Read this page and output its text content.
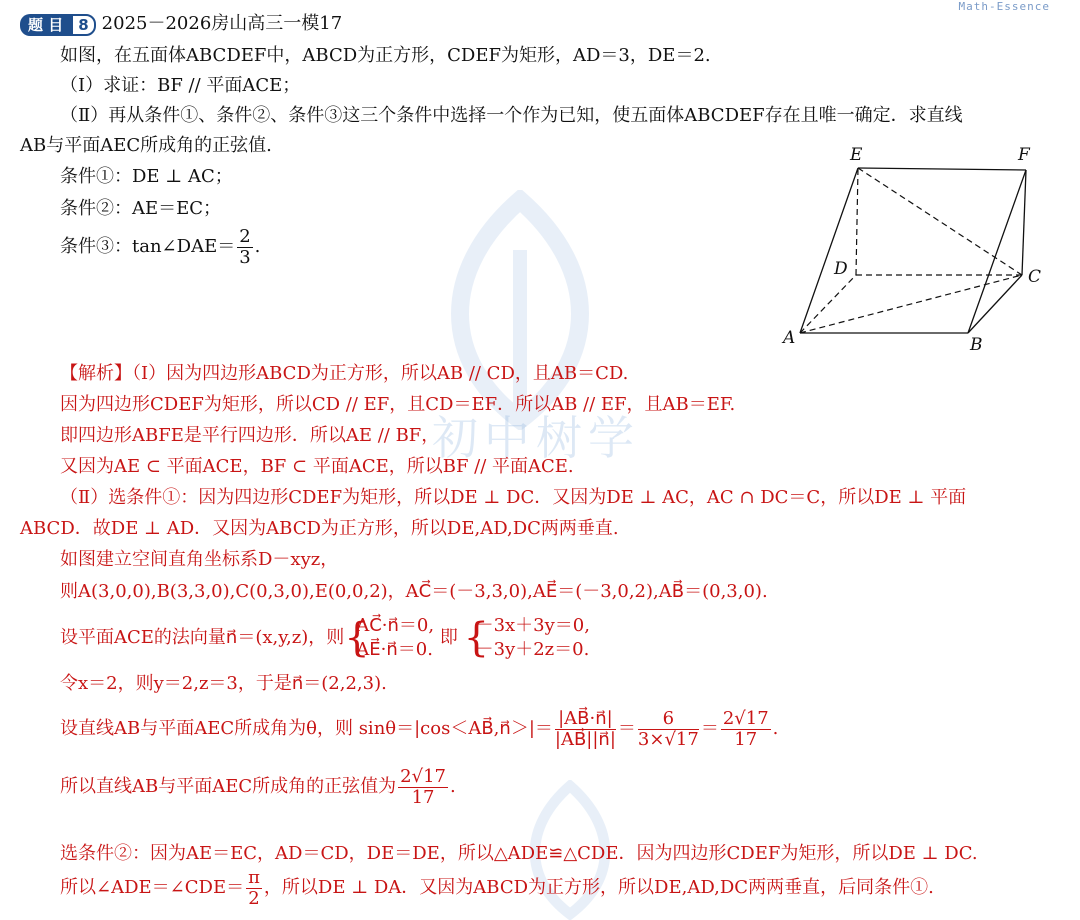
Math-Essence
初中树学
题 目 8 2025－2026房山高三一模17
如图，在五面体ABCDEF中，ABCD为正方形，CDEF为矩形，AD＝3，DE＝2.
（Ⅰ）求证：BF // 平面ACE；
（Ⅱ）再从条件①、条件②、条件③这三个条件中选择一个作为已知，使五面体ABCDEF存在且唯一确定．求直线
AB与平面AEC所成角的正弦值.
条件①：DE ⊥ AC；
条件②：AE＝EC；
条件③：tan∠DAE＝ $\frac{2}{3}$ .
A	B
C
D
E	F
【解析】（Ⅰ）因为四边形ABCD为正方形，所以AB // CD，且AB＝CD.
因为四边形CDEF为矩形，所以CD // EF，且CD＝EF．所以AB // EF，且AB＝EF.
即四边形ABFE是平行四边形．所以AE // BF，
又因为AE ⊂ 平面ACE，BF ⊂ 平面ACE，所以BF // 平面ACE.
（Ⅱ）选条件①：因为四边形CDEF为矩形，所以DE ⊥ DC．又因为DE ⊥ AC，AC ∩ DC＝C，所以DE ⊥ 平面
ABCD．故DE ⊥ AD．又因为ABCD为正方形，所以DE,AD,DC两两垂直.
如图建立空间直角坐标系D－xyz，
则A(3,0,0),B(3,3,0),C(0,3,0),E(0,0,2)，AC⃗＝(－3,3,0),AE⃗＝(－3,0,2),AB⃗＝(0,3,0).
设平面ACE的法向量n⃗＝(x,y,z)，则 {
AC⃗·n⃗＝0,
AE⃗·n⃗＝0.
即 {
－3x＋3y＝0,
－3y＋2z＝0.
令x＝2，则y＝2,z＝3，于是n⃗＝(2,2,3).
设直线AB与平面AEC所成角为θ，则 sinθ＝|cos＜AB⃗,n⃗＞|＝ $\frac{|AB⃗\cdot n⃗|}{|AB⃗||n⃗|} = \frac{6}{3\times√17} = \frac{2√17}{17}$ .
所以直线AB与平面AEC所成角的正弦值为 $\frac{2√17}{17}$ .
选条件②：因为AE＝EC，AD＝CD，DE＝DE，所以△ADE≌△CDE．因为四边形CDEF为矩形，所以DE ⊥ DC.
所以∠ADE＝∠CDE＝ $\frac{\pi}{2}$ ，所以DE ⊥ DA．又因为ABCD为正方形，所以DE,AD,DC两两垂直，后同条件①.
